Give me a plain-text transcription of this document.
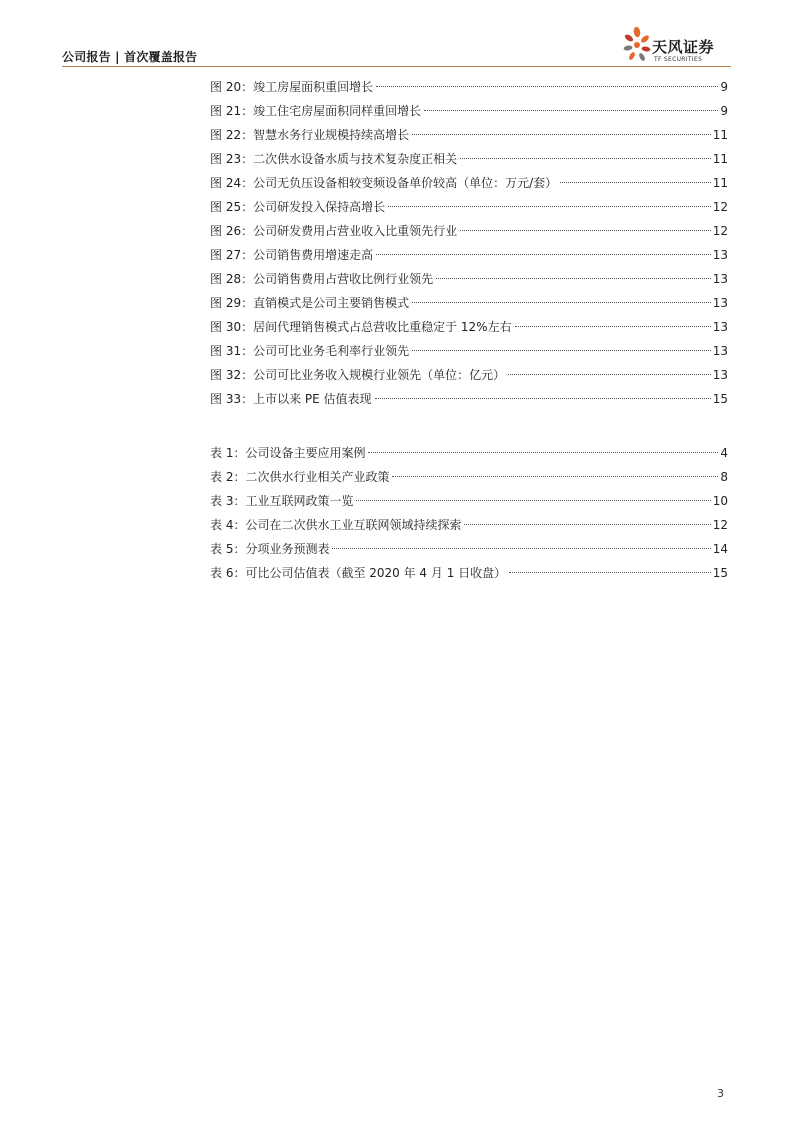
公司报告 | 首次覆盖报告
天风证券
TF SECURITIES
图 20：竣工房屋面积重回增长	9
图 21：竣工住宅房屋面积同样重回增长	9
图 22：智慧水务行业规模持续高增长	11
图 23：二次供水设备水质与技术复杂度正相关	11
图 24：公司无负压设备相较变频设备单价较高（单位：万元/套）	11
图 25：公司研发投入保持高增长	12
图 26：公司研发费用占营业收入比重领先行业	12
图 27：公司销售费用增速走高	13
图 28：公司销售费用占营收比例行业领先	13
图 29：直销模式是公司主要销售模式	13
图 30：居间代理销售模式占总营收比重稳定于 12%左右	13
图 31：公司可比业务毛利率行业领先	13
图 32：公司可比业务收入规模行业领先（单位：亿元）	13
图 33：上市以来 PE 估值表现	15
表 1：公司设备主要应用案例	4
表 2：二次供水行业相关产业政策	8
表 3：工业互联网政策一览	10
表 4：公司在二次供水工业互联网领域持续探索	12
表 5：分项业务预测表	14
表 6：可比公司估值表（截至 2020 年 4 月 1 日收盘）	15
3
